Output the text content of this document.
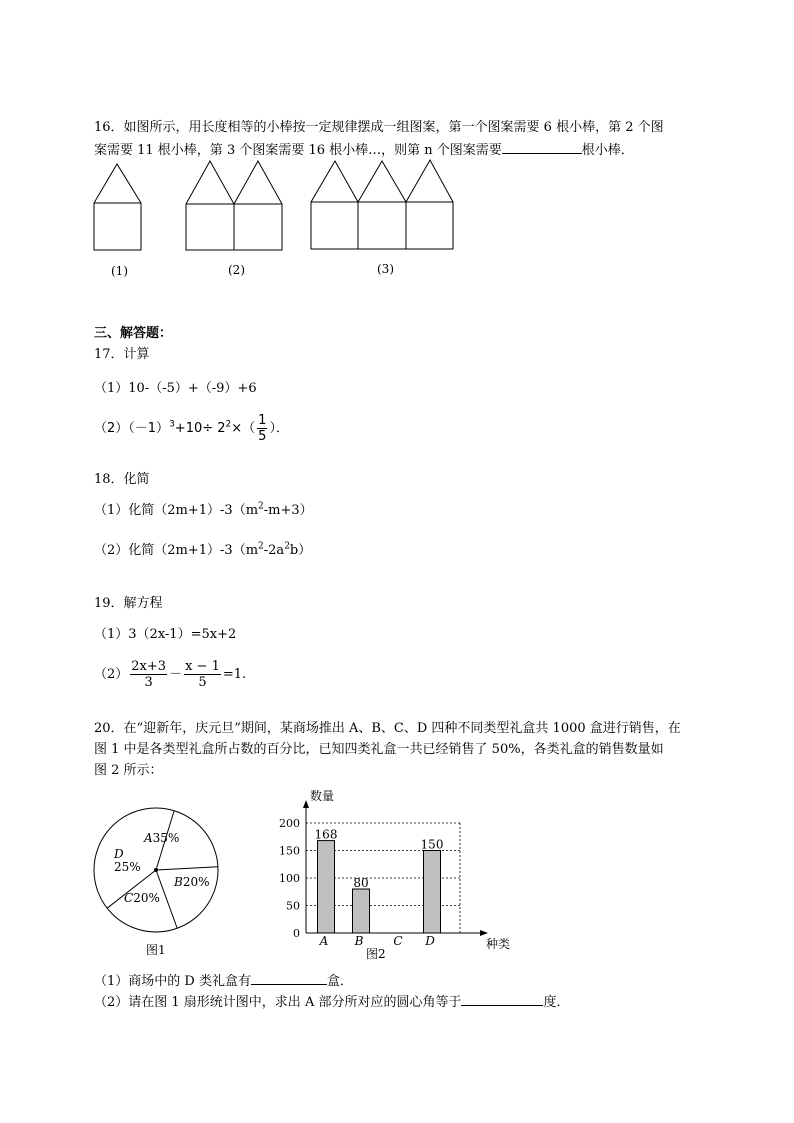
16．如图所示，用长度相等的小棒按一定规律摆成一组图案，第一个图案需要 6 根小棒，第 2 个图
案需要 11 根小棒，第 3 个图案需要 16 根小棒…，则第 n 个图案需要	根小棒．
(1)	(2)	(3)
三、解答题：
17．计算
（1）10-（-5）+（-9）+6
$(2)(-1)^3+10\div 2^2\times( \frac{1}{5}$ ）．
18．化简
（1）化简$(2m+1)-3(m^2-m+3)$
（2）化简$(2m+1)-3(m^2-2a^2b)$
19．解方程
（1）3（2x-1）=5x+2
$(2) \frac{2x+3}{3} - \frac{x - 1}{5} =1$.
20．在“迎新年，庆元旦”期间，某商场推出 A、B、C、D 四种不同类型礼盒共 1000 盒进行销售，在
图 1 中是各类型礼盒所占数的百分比，已知四类礼盒一共已经销售了 50%，各类礼盒的销售数量如
图 2 所示：
A35%
D
25%
B20%
C20%
图1
0
50
100
150
200
数量
种类
168
A
80
B C
150
D
图2
（1）商场中的 D 类礼盒有	盒．
（2）请在图 1 扇形统计图中，求出 A 部分所对应的圆心角等于	度．
